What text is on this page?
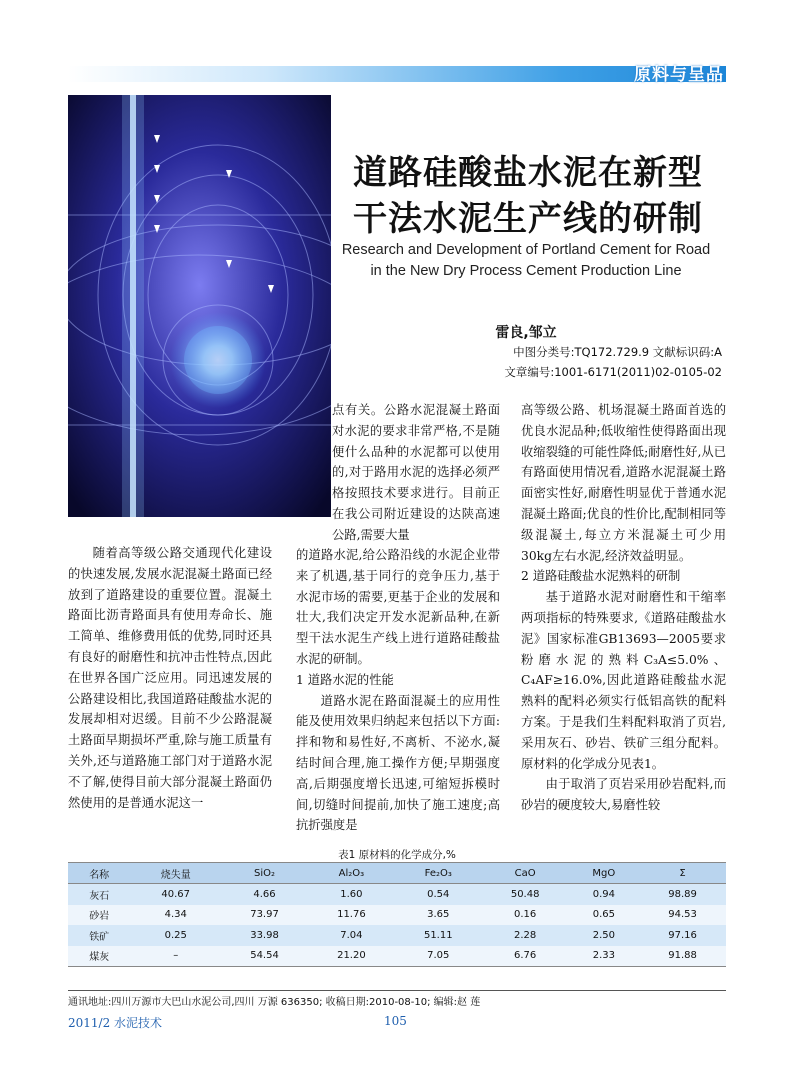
原料与呈品
道路硅酸盐水泥在新型
干法水泥生产线的研制
Research and Development of Portland Cement for Road
in the New Dry Process Cement Production Line
雷良,邹立
中图分类号:TQ172.729.9 文献标识码:A
文章编号:1001-6171(2011)02-0105-02

随着高等级公路交通现代化建设的快速发展,发展水泥混凝土路面已经放到了道路建设的重要位置。混凝土路面比沥青路面具有使用寿命长、施工简单、维修费用低的优势,同时还具有良好的耐磨性和抗冲击性特点,因此在世界各国广泛应用。同迅速发展的公路建设相比,我国道路硅酸盐水泥的发展却相对迟缓。目前不少公路混凝土路面早期损坏严重,除与施工质量有关外,还与道路施工部门对于道路水泥不了解,使得目前大部分混凝土路面仍然使用的是普通水泥这一

点有关。公路水泥混凝土路面对水泥的要求非常严格,不是随便什么品种的水泥都可以使用的,对于路用水泥的选择必须严格按照技术要求进行。目前正在我公司附近建设的达陕高速公路,需要大量

的道路水泥,给公路沿线的水泥企业带来了机遇,基于同行的竞争压力,基于水泥市场的需要,更基于企业的发展和壮大,我们决定开发水泥新品种,在新型干法水泥生产线上进行道路硅酸盐水泥的研制。

1 道路水泥的性能

道路水泥在路面混凝土的应用性能及使用效果归纳起来包括以下方面:拌和物和易性好,不离析、不泌水,凝结时间合理,施工操作方便;早期强度高,后期强度增长迅速,可缩短拆模时间,切缝时间提前,加快了施工速度;高抗折强度是

高等级公路、机场混凝土路面首选的优良水泥品种;低收缩性使得路面出现收缩裂缝的可能性降低;耐磨性好,从已有路面使用情况看,道路水泥混凝土路面密实性好,耐磨性明显优于普通水泥混凝土路面;优良的性价比,配制相同等级混凝土,每立方米混凝土可少用30kg左右水泥,经济效益明显。

2 道路硅酸盐水泥熟料的研制

基于道路水泥对耐磨性和干缩率两项指标的特殊要求,《道路硅酸盐水泥》国家标准GB13693—2005要求粉磨水泥的熟料C₃A≤5.0%、C₄AF≥16.0%,因此道路硅酸盐水泥熟料的配料必须实行低铝高铁的配料方案。于是我们生料配料取消了页岩,采用灰石、砂岩、铁矿三组分配料。原材料的化学成分见表1。

由于取消了页岩采用砂岩配料,而砂岩的硬度较大,易磨性较

表1 原材料的化学成分,%
名称	烧失量	SiO₂	Al₂O₃	Fe₂O₃	CaO	MgO	Σ
灰石	40.67	4.66	1.60	0.54	50.48	0.94	98.89
砂岩	4.34	73.97	11.76	3.65	0.16	0.65	94.53
铁矿	0.25	33.98	7.04	51.11	2.28	2.50	97.16
煤灰	–	54.54	21.20	7.05	6.76	2.33	91.88
通讯地址:四川万源市大巴山水泥公司,四川 万源 636350; 收稿日期:2010-08-10; 编辑:赵 莲
2011/2 水泥技术	105
